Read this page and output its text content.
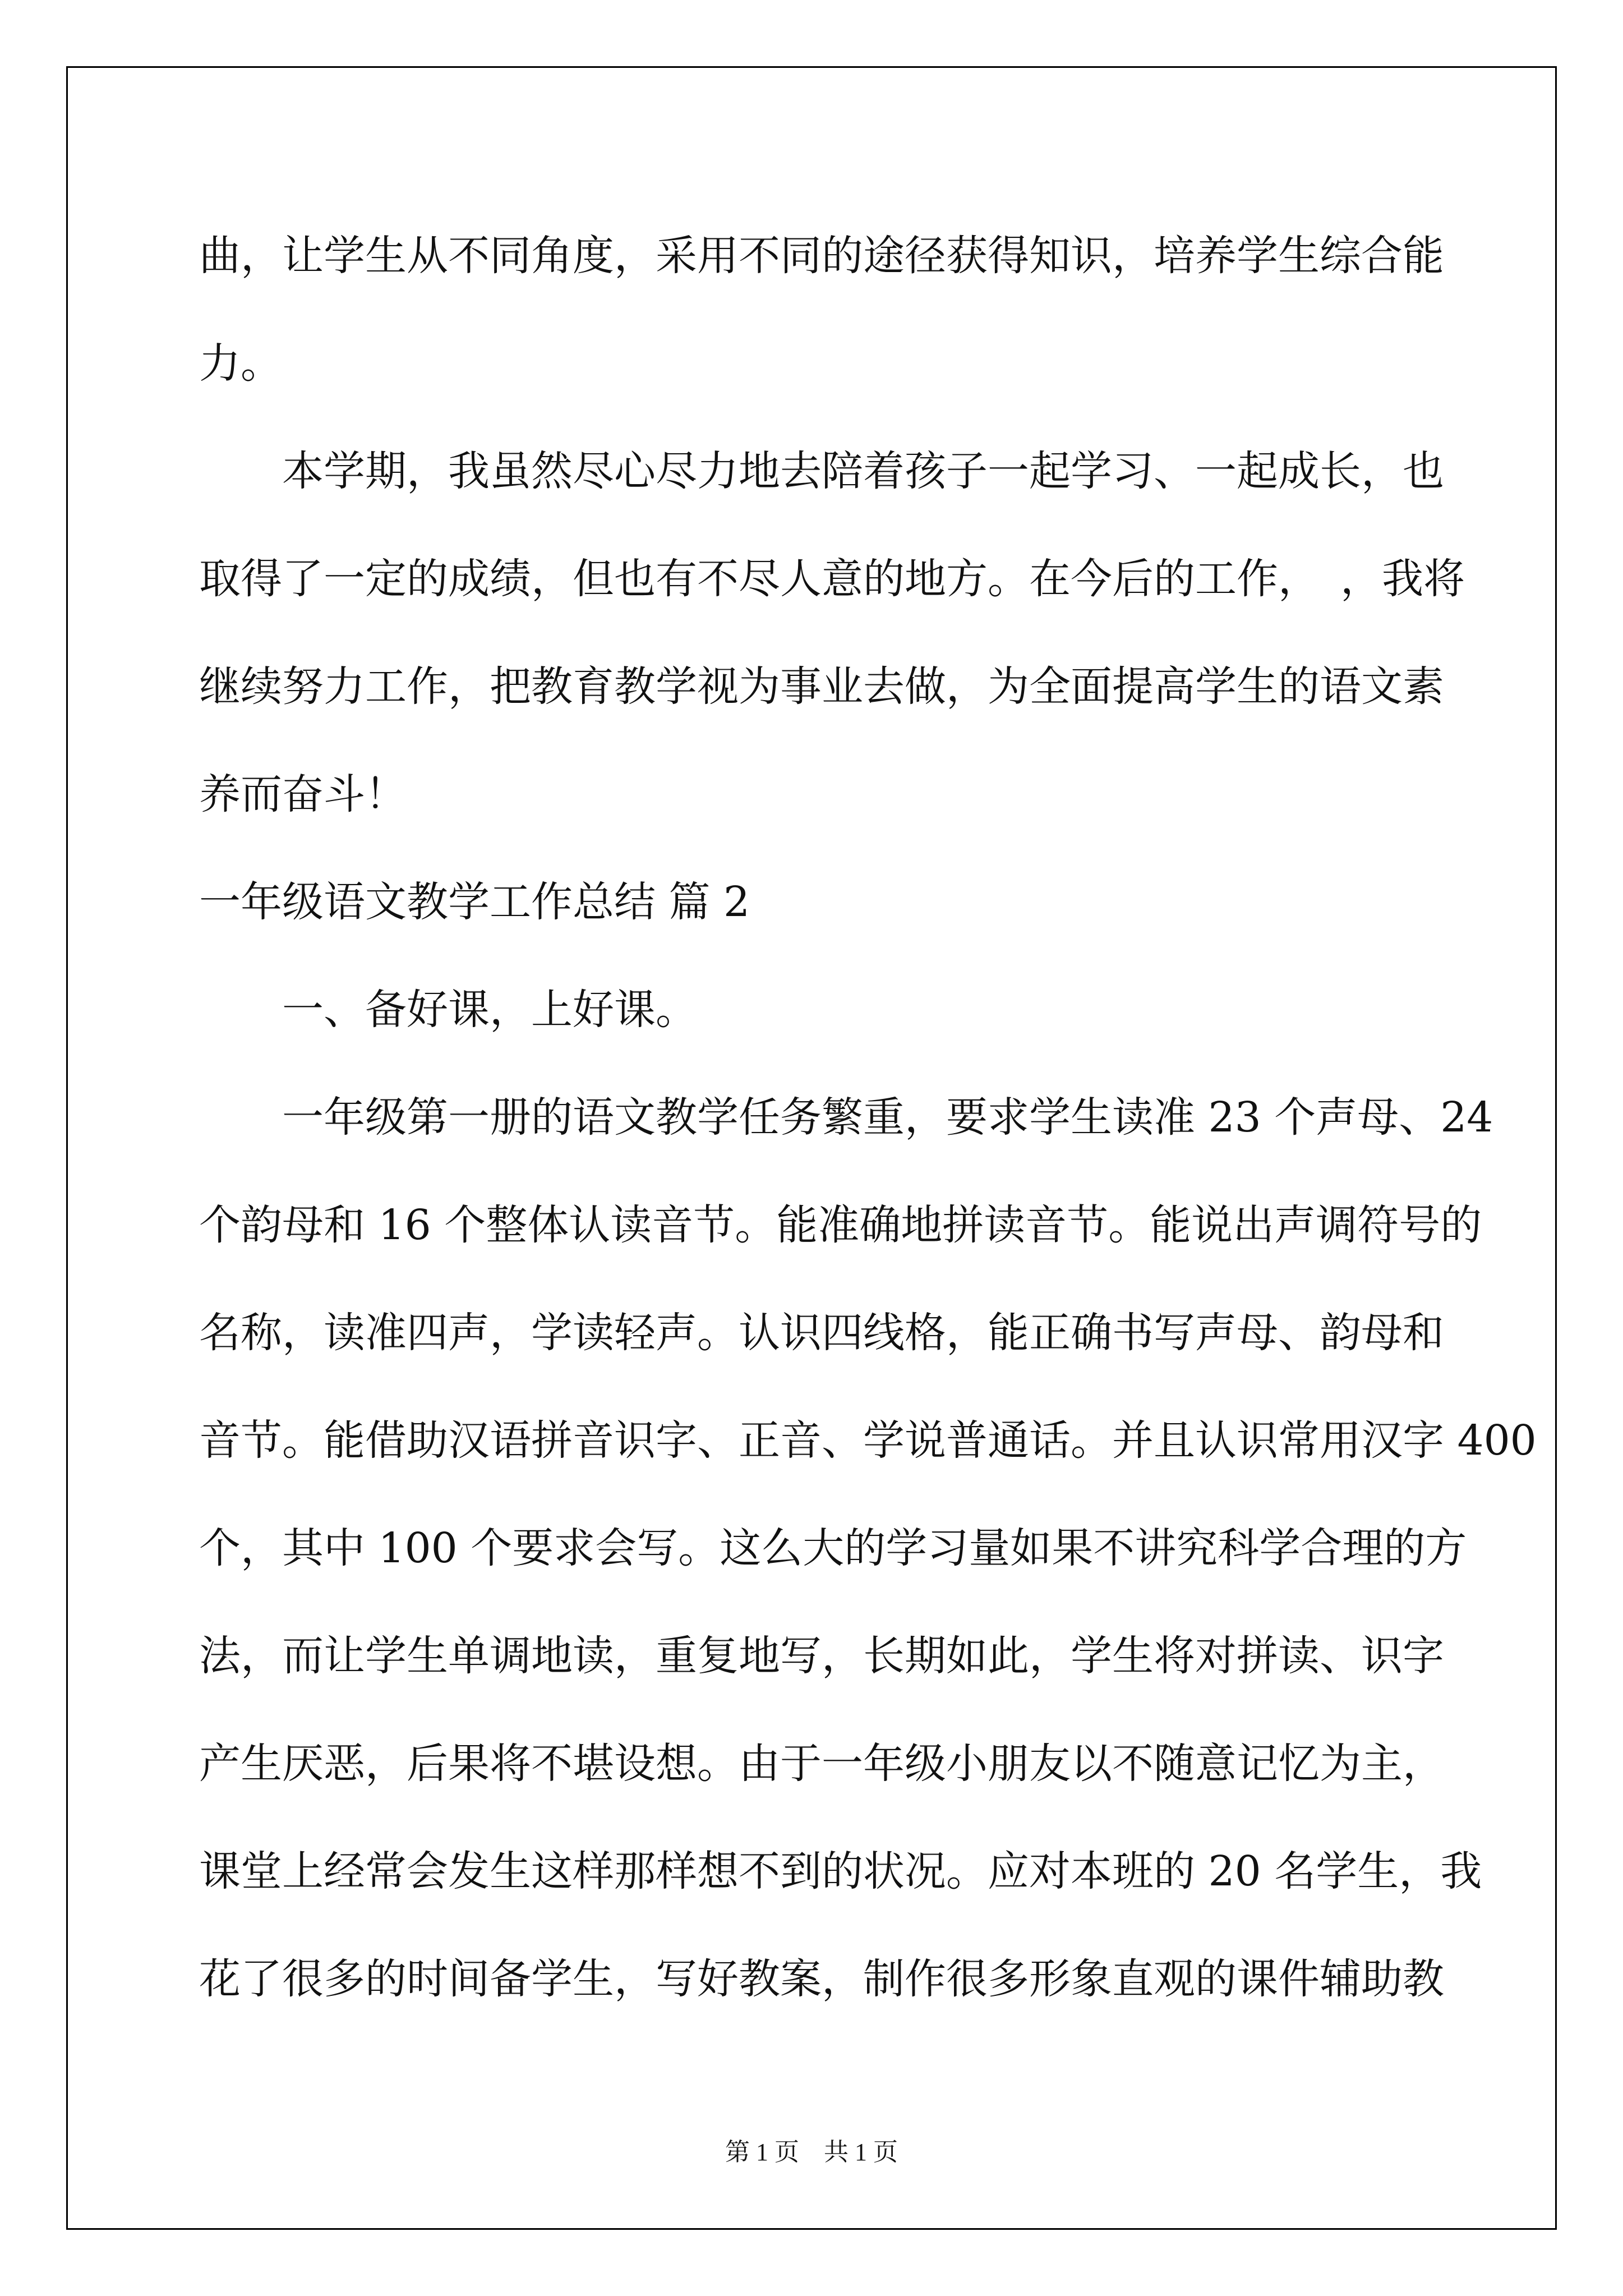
曲，让学生从不同角度，采用不同的途径获得知识，培养学生综合能
力。
本学期，我虽然尽心尽力地去陪着孩子一起学习、一起成长，也
取得了一定的成绩，但也有不尽人意的地方。在今后的工作，　，我将
继续努力工作，把教育教学视为事业去做，为全面提高学生的语文素
养而奋斗！
一年级语文教学工作总结 篇 2
一、备好课，上好课。
一年级第一册的语文教学任务繁重，要求学生读准 23 个声母、24
个韵母和 16 个整体认读音节。能准确地拼读音节。能说出声调符号的
名称，读准四声，学读轻声。认识四线格，能正确书写声母、韵母和
音节。能借助汉语拼音识字、正音、学说普通话。并且认识常用汉字 400
个，其中 100 个要求会写。这么大的学习量如果不讲究科学合理的方
法，而让学生单调地读，重复地写，长期如此，学生将对拼读、识字
产生厌恶，后果将不堪设想。由于一年级小朋友以不随意记忆为主，
课堂上经常会发生这样那样想不到的状况。应对本班的 20 名学生，我
花了很多的时间备学生，写好教案，制作很多形象直观的课件辅助教
第 1 页　共 1 页
